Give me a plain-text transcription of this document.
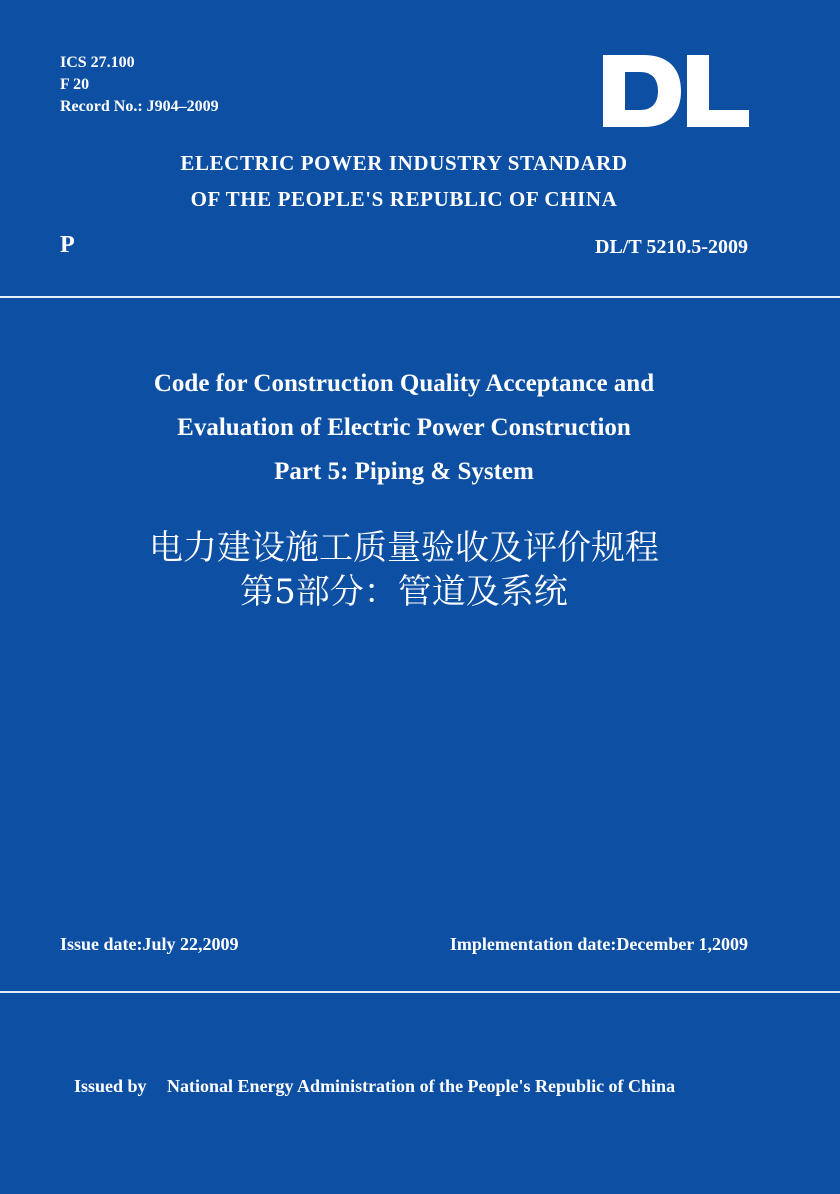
ICS 27.100
F 20
Record No.: J904–2009
ELECTRIC POWER INDUSTRY STANDARD
OF THE PEOPLE'S REPUBLIC OF CHINA
P	DL/T 5210.5-2009
Code for Construction Quality Acceptance and
Evaluation of Electric Power Construction
Part 5: Piping & System
电力建设施工质量验收及评价规程
第5部分：管道及系统
Issue date:July 22,2009	Implementation date:December 1,2009
Issued by National Energy Administration of the People's Republic of China
